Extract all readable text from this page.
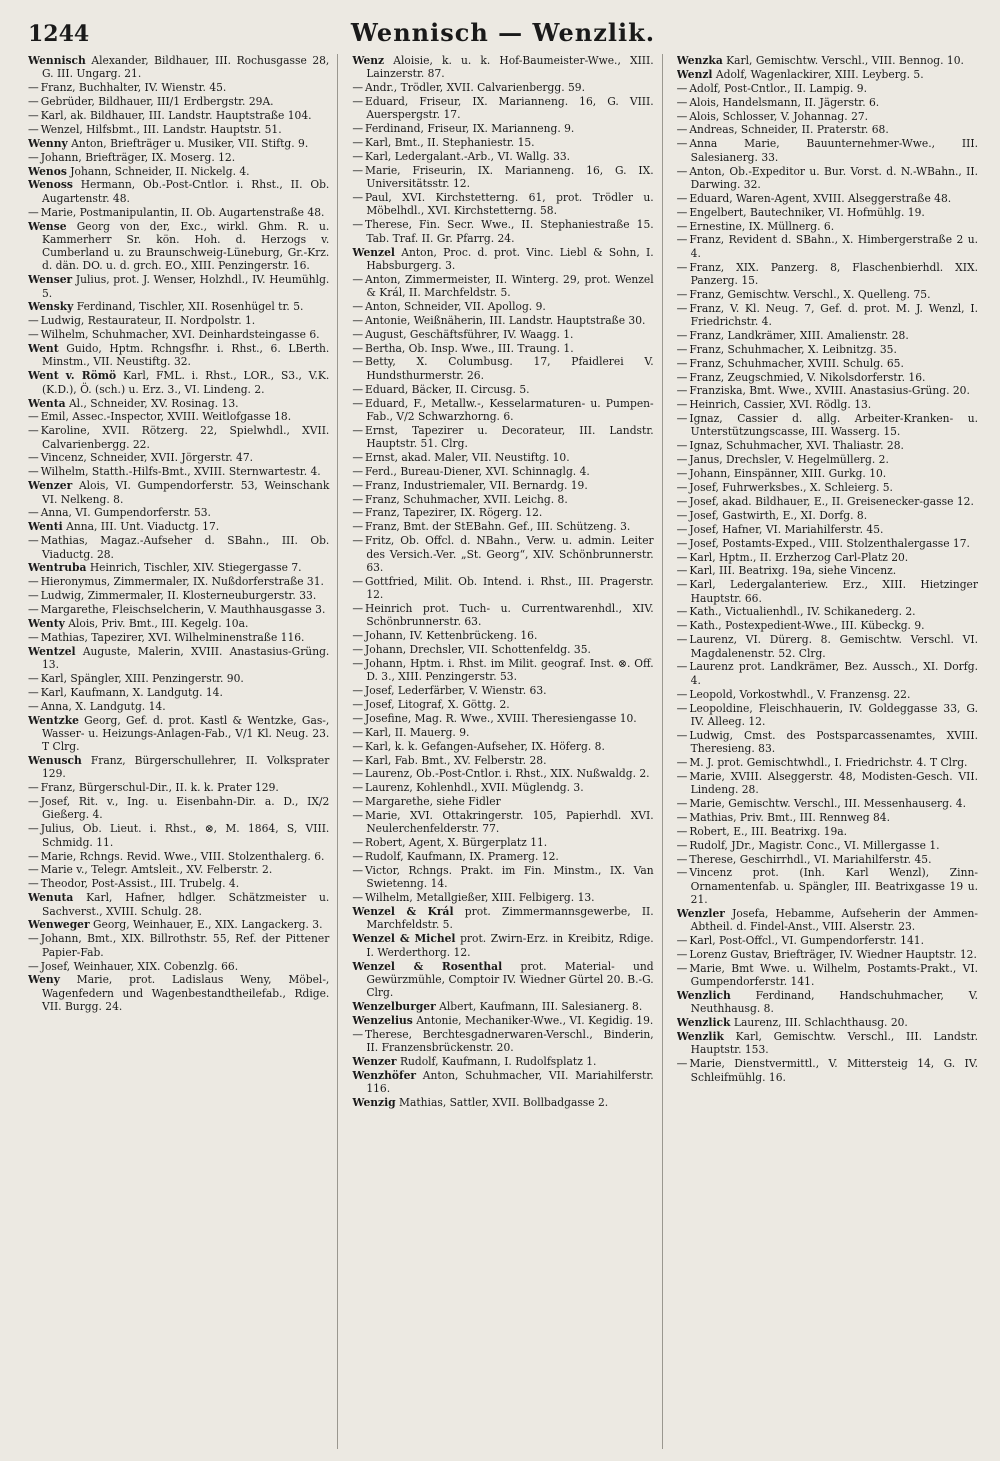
1244	Wennisch — Wenzlik.
Wennisch Alexander, Bildhauer, III. Rochusgasse 28, G. III. Ungarg. 21.
— Franz, Buchhalter, IV. Wienstr. 45.
— Gebrüder, Bildhauer, III/1 Erdbergstr. 29A.
— Karl, ak. Bildhauer, III. Landstr. Hauptstraße 104.
— Wenzel, Hilfsbmt., III. Landstr. Hauptstr. 51.
Wenny Anton, Briefträger u. Musiker, VII. Stiftg. 9.
— Johann, Briefträger, IX. Moserg. 12.
Wenos Johann, Schneider, II. Nickelg. 4.
Wenoss Hermann, Ob.-Post-Cntlor. i. Rhst., II. Ob. Augartenstr. 48.
— Marie, Postmanipulantin, II. Ob. Augartenstraße 48.
Wense Georg von der, Exc., wirkl. Ghm. R. u. Kammerherr Sr. kön. Hoh. d. Herzogs v. Cumberland u. zu Braunschweig-Lüneburg, Gr.-Krz. d. dän. DO. u. d. grch. EO., XIII. Penzingerstr. 16.
Wenser Julius, prot. J. Wenser, Holzhdl., IV. Heumühlg. 5.
Wensky Ferdinand, Tischler, XII. Rosenhügel tr. 5.
— Ludwig, Restaurateur, II. Nordpolstr. 1.
— Wilhelm, Schuhmacher, XVI. Deinhardsteingasse 6.
Went Guido, Hptm. Rchngsfhr. i. Rhst., 6. LBerth. Minstm., VII. Neustiftg. 32.
Went v. Römö Karl, FML. i. Rhst., LOR., S3., V.K. (K.D.), Ö. (sch.) u. Erz. 3., VI. Lindeng. 2.
Wenta Al., Schneider, XV. Rosinag. 13.
— Emil, Assec.-Inspector, XVIII. Weitlofgasse 18.
— Karoline, XVII. Rötzerg. 22, Spielwhdl., XVII. Calvarienbergg. 22.
— Vincenz, Schneider, XVII. Jörgerstr. 47.
— Wilhelm, Statth.-Hilfs-Bmt., XVIII. Sternwartestr. 4.
Wenzer Alois, VI. Gumpendorferstr. 53, Weinschank VI. Nelkeng. 8.
— Anna, VI. Gumpendorferstr. 53.
Wenti Anna, III. Unt. Viaductg. 17.
— Mathias, Magaz.-Aufseher d. SBahn., III. Ob. Viaductg. 28.
Wentruba Heinrich, Tischler, XIV. Stiegergasse 7.
— Hieronymus, Zimmermaler, IX. Nußdorferstraße 31.
— Ludwig, Zimmermaler, II. Klosterneuburgerstr. 33.
— Margarethe, Fleischselcherin, V. Mauthhausgasse 3.
Wenty Alois, Priv. Bmt., III. Kegelg. 10a.
— Mathias, Tapezirer, XVI. Wilhelminenstraße 116.
Wentzel Auguste, Malerin, XVIII. Anastasius-Grüng. 13.
— Karl, Spängler, XIII. Penzingerstr. 90.
— Karl, Kaufmann, X. Landgutg. 14.
— Anna, X. Landgutg. 14.
Wentzke Georg, Gef. d. prot. Kastl & Wentzke, Gas-, Wasser- u. Heizungs-Anlagen-Fab., V/1 Kl. Neug. 23. T Clrg.
Wenusch Franz, Bürgerschullehrer, II. Volksprater 129.
— Franz, Bürgerschul-Dir., II. k. k. Prater 129.
— Josef, Rit. v., Ing. u. Eisenbahn-Dir. a. D., IX/2 Gießerg. 4.
— Julius, Ob. Lieut. i. Rhst., ⊗, M. 1864, S, VIII. Schmidg. 11.
— Marie, Rchngs. Revid. Wwe., VIII. Stolzenthalerg. 6.
— Marie v., Telegr. Amtsleit., XV. Felberstr. 2.
— Theodor, Post-Assist., III. Trubelg. 4.
Wenuta Karl, Hafner, hdlger. Schätzmeister u. Sachverst., XVIII. Schulg. 28.
Wenweger Georg, Weinhauer, E., XIX. Langackerg. 3.
— Johann, Bmt., XIX. Billrothstr. 55, Ref. der Pittener Papier-Fab.
— Josef, Weinhauer, XIX. Cobenzlg. 66.
Weny Marie, prot. Ladislaus Weny, Möbel-, Wagenfedern und Wagenbestandtheilefab., Rdige. VII. Burgg. 24.
Wenz Aloisie, k. u. k. Hof-Baumeister-Wwe., XIII. Lainzerstr. 87.
— Andr., Trödler, XVII. Calvarienbergg. 59.
— Eduard, Friseur, IX. Marianneng. 16, G. VIII. Auerspergstr. 17.
— Ferdinand, Friseur, IX. Marianneng. 9.
— Karl, Bmt., II. Stephaniestr. 15.
— Karl, Ledergalant.-Arb., VI. Wallg. 33.
— Marie, Friseurin, IX. Marianneng. 16, G. IX. Universitätsstr. 12.
— Paul, XVI. Kirchstetterng. 61, prot. Trödler u. Möbelhdl., XVI. Kirchstetterng. 58.
— Therese, Fin. Secr. Wwe., II. Stephaniestraße 15. Tab. Traf. II. Gr. Pfarrg. 24.
Wenzel Anton, Proc. d. prot. Vinc. Liebl & Sohn, I. Habsburgerg. 3.
— Anton, Zimmermeister, II. Winterg. 29, prot. Wenzel & Král, II. Marchfeldstr. 5.
— Anton, Schneider, VII. Apollog. 9.
— Antonie, Weißnäherin, III. Landstr. Hauptstraße 30.
— August, Geschäftsführer, IV. Waagg. 1.
— Bertha, Ob. Insp. Wwe., III. Traung. 1.
— Betty, X. Columbusg. 17, Pfaidlerei V. Hundsthurmerstr. 26.
— Eduard, Bäcker, II. Circusg. 5.
— Eduard, F., Metallw.-, Kesselarmaturen- u. Pumpen-Fab., V/2 Schwarzhorng. 6.
— Ernst, Tapezirer u. Decorateur, III. Landstr. Hauptstr. 51. Clrg.
— Ernst, akad. Maler, VII. Neustiftg. 10.
— Ferd., Bureau-Diener, XVI. Schinnaglg. 4.
— Franz, Industriemaler, VII. Bernardg. 19.
— Franz, Schuhmacher, XVII. Leichg. 8.
— Franz, Tapezirer, IX. Rögerg. 12.
— Franz, Bmt. der StEBahn. Gef., III. Schützeng. 3.
— Fritz, Ob. Offcl. d. NBahn., Verw. u. admin. Leiter des Versich.-Ver. „St. Georg“, XIV. Schönbrunnerstr. 63.
— Gottfried, Milit. Ob. Intend. i. Rhst., III. Pragerstr. 12.
— Heinrich prot. Tuch- u. Currentwarenhdl., XIV. Schönbrunnerstr. 63.
— Johann, IV. Kettenbrückeng. 16.
— Johann, Drechsler, VII. Schottenfeldg. 35.
— Johann, Hptm. i. Rhst. im Milit. geograf. Inst. ⊗. Off. D. 3., XIII. Penzingerstr. 53.
— Josef, Lederfärber, V. Wienstr. 63.
— Josef, Litograf, X. Göttg. 2.
— Josefine, Mag. R. Wwe., XVIII. Theresiengasse 10.
— Karl, II. Mauerg. 9.
— Karl, k. k. Gefangen-Aufseher, IX. Höferg. 8.
— Karl, Fab. Bmt., XV. Felberstr. 28.
— Laurenz, Ob.-Post-Cntlor. i. Rhst., XIX. Nußwaldg. 2.
— Laurenz, Kohlenhdl., XVII. Müglendg. 3.
— Margarethe, siehe Fidler
— Marie, XVI. Ottakringerstr. 105, Papierhdl. XVI. Neulerchenfelderstr. 77.
— Robert, Agent, X. Bürgerplatz 11.
— Rudolf, Kaufmann, IX. Pramerg. 12.
— Victor, Rchngs. Prakt. im Fin. Minstm., IX. Van Swietenng. 14.
— Wilhelm, Metallgießer, XIII. Felbigerg. 13.
Wenzel & Král prot. Zimmermannsgewerbe, II. Marchfeldstr. 5.
Wenzel & Michel prot. Zwirn-Erz. in Kreibitz, Rdige. I. Werderthorg. 12.
Wenzel & Rosenthal prot. Material- und Gewürzmühle, Comptoir IV. Wiedner Gürtel 20. B.-G. Clrg.
Wenzelburger Albert, Kaufmann, III. Salesianerg. 8.
Wenzelius Antonie, Mechaniker-Wwe., VI. Kegidig. 19.
— Therese, Berchtesgadnerwaren-Verschl., Binderin, II. Franzensbrückenstr. 20.
Wenzer Rudolf, Kaufmann, I. Rudolfsplatz 1.
Wenzhöfer Anton, Schuhmacher, VII. Mariahilferstr. 116.
Wenzig Mathias, Sattler, XVII. Bollbadgasse 2.
Wenzka Karl, Gemischtw. Verschl., VIII. Bennog. 10.
Wenzl Adolf, Wagenlackirer, XIII. Leyberg. 5.
— Adolf, Post-Cntlor., II. Lampig. 9.
— Alois, Handelsmann, II. Jägerstr. 6.
— Alois, Schlosser, V. Johannag. 27.
— Andreas, Schneider, II. Praterstr. 68.
— Anna Marie, Bauunternehmer-Wwe., III. Salesianerg. 33.
— Anton, Ob.-Expeditor u. Bur. Vorst. d. N.-WBahn., II. Darwing. 32.
— Eduard, Waren-Agent, XVIII. Alseggerstraße 48.
— Engelbert, Bautechniker, VI. Hofmühlg. 19.
— Ernestine, IX. Müllnerg. 6.
— Franz, Revident d. SBahn., X. Himbergerstraße 2 u. 4.
— Franz, XIX. Panzerg. 8, Flaschenbierhdl. XIX. Panzerg. 15.
— Franz, Gemischtw. Verschl., X. Quelleng. 75.
— Franz, V. Kl. Neug. 7, Gef. d. prot. M. J. Wenzl, I. Friedrichstr. 4.
— Franz, Landkrämer, XIII. Amalienstr. 28.
— Franz, Schuhmacher, X. Leibnitzg. 35.
— Franz, Schuhmacher, XVIII. Schulg. 65.
— Franz, Zeugschmied, V. Nikolsdorferstr. 16.
— Franziska, Bmt. Wwe., XVIII. Anastasius-Grüng. 20.
— Heinrich, Cassier, XVI. Rödlg. 13.
— Ignaz, Cassier d. allg. Arbeiter-Kranken- u. Unterstützungscasse, III. Wasserg. 15.
— Ignaz, Schuhmacher, XVI. Thaliastr. 28.
— Janus, Drechsler, V. Hegelmüllerg. 2.
— Johann, Einspänner, XIII. Gurkg. 10.
— Josef, Fuhrwerksbes., X. Schleierg. 5.
— Josef, akad. Bildhauer, E., II. Greisenecker-gasse 12.
— Josef, Gastwirth, E., XI. Dorfg. 8.
— Josef, Hafner, VI. Mariahilferstr. 45.
— Josef, Postamts-Exped., VIII. Stolzenthalergasse 17.
— Karl, Hptm., II. Erzherzog Carl-Platz 20.
— Karl, III. Beatrixg. 19a, siehe Vincenz.
— Karl, Ledergalanteriew. Erz., XIII. Hietzinger Hauptstr. 66.
— Kath., Victualienhdl., IV. Schikanederg. 2.
— Kath., Postexpedient-Wwe., III. Kübeckg. 9.
— Laurenz, VI. Dürerg. 8. Gemischtw. Verschl. VI. Magdalenenstr. 52. Clrg.
— Laurenz prot. Landkrämer, Bez. Aussch., XI. Dorfg. 4.
— Leopold, Vorkostwhdl., V. Franzensg. 22.
— Leopoldine, Fleischhauerin, IV. Goldeggasse 33, G. IV. Alleeg. 12.
— Ludwig, Cmst. des Postsparcassenamtes, XVIII. Theresieng. 83.
— M. J. prot. Gemischtwhdl., I. Friedrichstr. 4. T Clrg.
— Marie, XVIII. Alseggerstr. 48, Modisten-Gesch. VII. Lindeng. 28.
— Marie, Gemischtw. Verschl., III. Messenhauserg. 4.
— Mathias, Priv. Bmt., III. Rennweg 84.
— Robert, E., III. Beatrixg. 19a.
— Rudolf, JDr., Magistr. Conc., VI. Millergasse 1.
— Therese, Geschirrhdl., VI. Mariahilferstr. 45.
— Vincenz prot. (Inh. Karl Wenzl), Zinn-Ornamentenfab. u. Spängler, III. Beatrixgasse 19 u. 21.
Wenzler Josefa, Hebamme, Aufseherin der Ammen-Abtheil. d. Findel-Anst., VIII. Alserstr. 23.
— Karl, Post-Offcl., VI. Gumpendorferstr. 141.
— Lorenz Gustav, Briefträger, IV. Wiedner Hauptstr. 12.
— Marie, Bmt Wwe. u. Wilhelm, Postamts-Prakt., VI. Gumpendorferstr. 141.
Wenzlich Ferdinand, Handschuhmacher, V. Neuthhausg. 8.
Wenzlick Laurenz, III. Schlachthausg. 20.
Wenzlik Karl, Gemischtw. Verschl., III. Landstr. Hauptstr. 153.
— Marie, Dienstvermittl., V. Mittersteig 14, G. IV. Schleifmühlg. 16.
